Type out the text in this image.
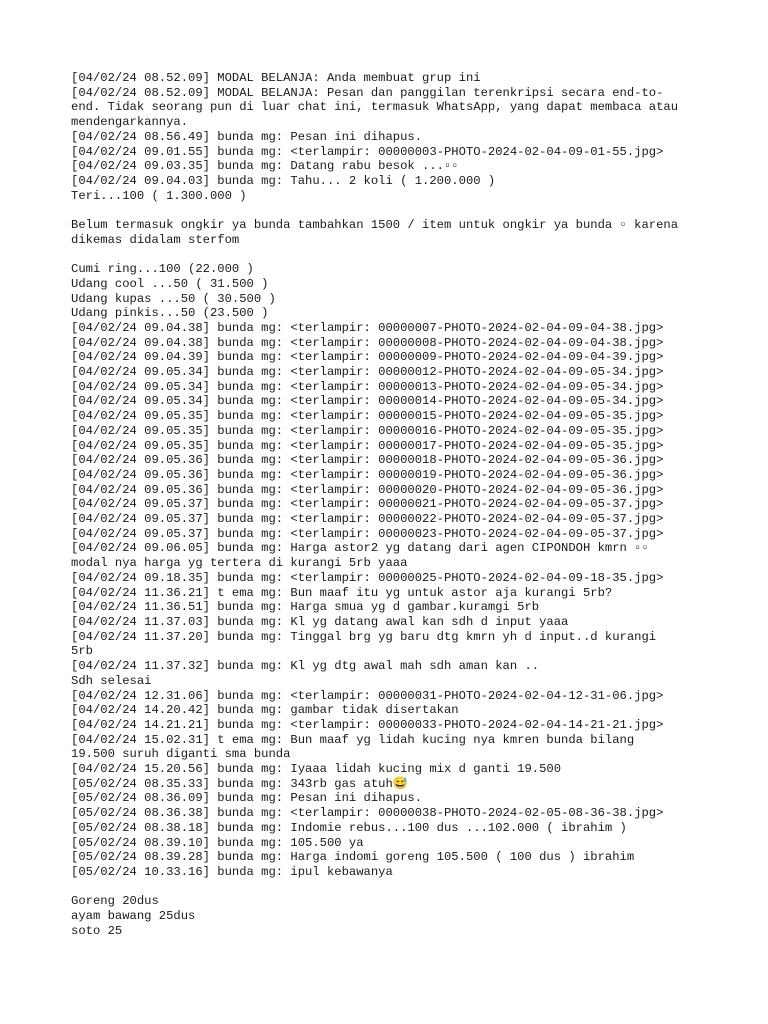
[04/02/24 08.52.09] MODAL BELANJA: Anda membuat grup ini
[04/02/24 08.52.09] MODAL BELANJA: Pesan dan panggilan terenkripsi secara end-to-
end. Tidak seorang pun di luar chat ini, termasuk WhatsApp, yang dapat membaca atau
mendengarkannya.
[04/02/24 08.56.49] bunda mg: Pesan ini dihapus.
[04/02/24 09.01.55] bunda mg: <terlampir: 00000003-PHOTO-2024-02-04-09-01-55.jpg>
[04/02/24 09.03.35] bunda mg: Datang rabu besok ...▫▫
[04/02/24 09.04.03] bunda mg: Tahu... 2 koli ( 1.200.000 )
Teri...100 ( 1.300.000 )
Belum termasuk ongkir ya bunda tambahkan 1500 / item untuk ongkir ya bunda ▫ karena
dikemas didalam sterfom
Cumi ring...100 (22.000 )
Udang cool ...50 ( 31.500 )
Udang kupas ...50 ( 30.500 )
Udang pinkis...50 (23.500 )
[04/02/24 09.04.38] bunda mg: <terlampir: 00000007-PHOTO-2024-02-04-09-04-38.jpg>
[04/02/24 09.04.38] bunda mg: <terlampir: 00000008-PHOTO-2024-02-04-09-04-38.jpg>
[04/02/24 09.04.39] bunda mg: <terlampir: 00000009-PHOTO-2024-02-04-09-04-39.jpg>
[04/02/24 09.05.34] bunda mg: <terlampir: 00000012-PHOTO-2024-02-04-09-05-34.jpg>
[04/02/24 09.05.34] bunda mg: <terlampir: 00000013-PHOTO-2024-02-04-09-05-34.jpg>
[04/02/24 09.05.34] bunda mg: <terlampir: 00000014-PHOTO-2024-02-04-09-05-34.jpg>
[04/02/24 09.05.35] bunda mg: <terlampir: 00000015-PHOTO-2024-02-04-09-05-35.jpg>
[04/02/24 09.05.35] bunda mg: <terlampir: 00000016-PHOTO-2024-02-04-09-05-35.jpg>
[04/02/24 09.05.35] bunda mg: <terlampir: 00000017-PHOTO-2024-02-04-09-05-35.jpg>
[04/02/24 09.05.36] bunda mg: <terlampir: 00000018-PHOTO-2024-02-04-09-05-36.jpg>
[04/02/24 09.05.36] bunda mg: <terlampir: 00000019-PHOTO-2024-02-04-09-05-36.jpg>
[04/02/24 09.05.36] bunda mg: <terlampir: 00000020-PHOTO-2024-02-04-09-05-36.jpg>
[04/02/24 09.05.37] bunda mg: <terlampir: 00000021-PHOTO-2024-02-04-09-05-37.jpg>
[04/02/24 09.05.37] bunda mg: <terlampir: 00000022-PHOTO-2024-02-04-09-05-37.jpg>
[04/02/24 09.05.37] bunda mg: <terlampir: 00000023-PHOTO-2024-02-04-09-05-37.jpg>
[04/02/24 09.06.05] bunda mg: Harga astor2 yg datang dari agen CIPONDOH kmrn ▫▫
modal nya harga yg tertera di kurangi 5rb yaaa
[04/02/24 09.18.35] bunda mg: <terlampir: 00000025-PHOTO-2024-02-04-09-18-35.jpg>
[04/02/24 11.36.21] t ema mg: Bun maaf itu yg untuk astor aja kurangi 5rb?
[04/02/24 11.36.51] bunda mg: Harga smua yg d gambar.kuramgi 5rb
[04/02/24 11.37.03] bunda mg: Kl yg datang awal kan sdh d input yaaa
[04/02/24 11.37.20] bunda mg: Tinggal brg yg baru dtg kmrn yh d input..d kurangi
5rb
[04/02/24 11.37.32] bunda mg: Kl yg dtg awal mah sdh aman kan ..
Sdh selesai
[04/02/24 12.31.06] bunda mg: <terlampir: 00000031-PHOTO-2024-02-04-12-31-06.jpg>
[04/02/24 14.20.42] bunda mg: gambar tidak disertakan
[04/02/24 14.21.21] bunda mg: <terlampir: 00000033-PHOTO-2024-02-04-14-21-21.jpg>
[04/02/24 15.02.31] t ema mg: Bun maaf yg lidah kucing nya kmren bunda bilang
19.500 suruh diganti sma bunda
[04/02/24 15.20.56] bunda mg: Iyaaa lidah kucing mix d ganti 19.500
[05/02/24 08.35.33] bunda mg: 343rb gas atuh😅
[05/02/24 08.36.09] bunda mg: Pesan ini dihapus.
[05/02/24 08.36.38] bunda mg: <terlampir: 00000038-PHOTO-2024-02-05-08-36-38.jpg>
[05/02/24 08.38.18] bunda mg: Indomie rebus...100 dus ...102.000 ( ibrahim )
[05/02/24 08.39.10] bunda mg: 105.500 ya
[05/02/24 08.39.28] bunda mg: Harga indomi goreng 105.500 ( 100 dus ) ibrahim
[05/02/24 10.33.16] bunda mg: ipul kebawanya
Goreng 20dus
ayam bawang 25dus
soto 25
